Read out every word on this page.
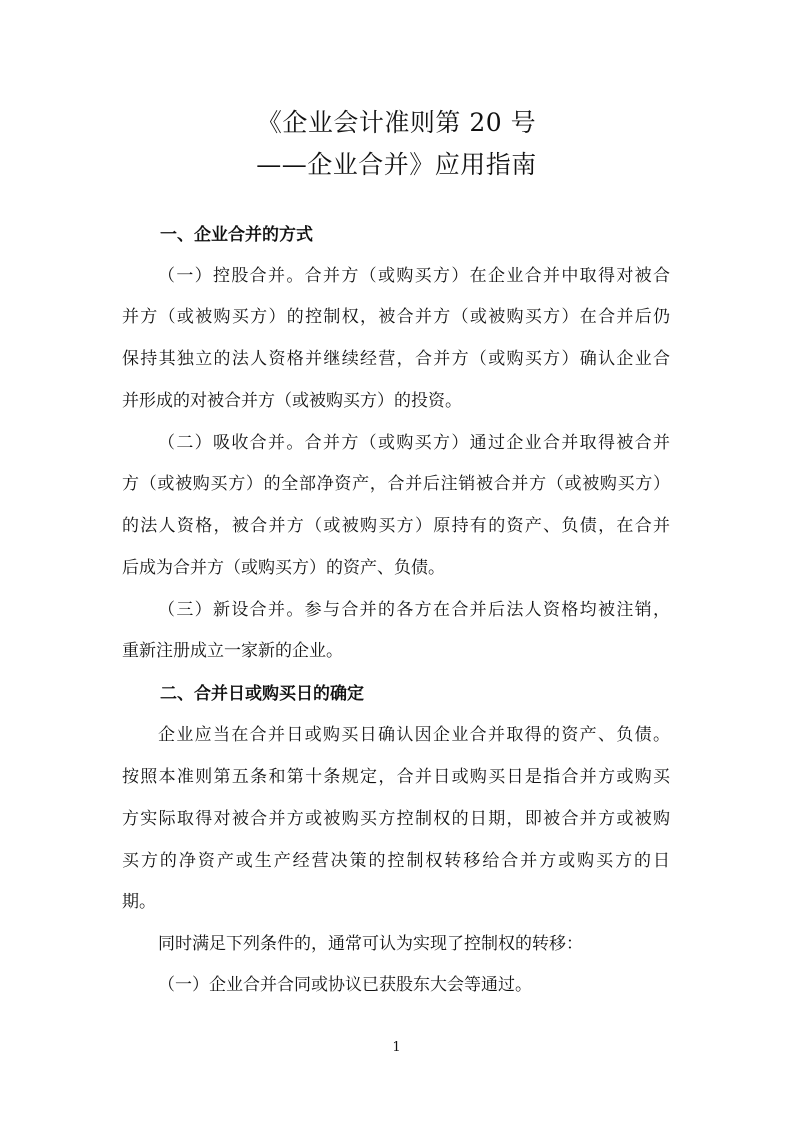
《企业会计准则第 20 号
——企业合并》应用指南
一、企业合并的方式
（一）控股合并。合并方（或购买方）在企业合并中取得对被合
并方（或被购买方）的控制权，被合并方（或被购买方）在合并后仍
保持其独立的法人资格并继续经营，合并方（或购买方）确认企业合
并形成的对被合并方（或被购买方）的投资。
（二）吸收合并。合并方（或购买方）通过企业合并取得被合并
方（或被购买方）的全部净资产，合并后注销被合并方（或被购买方）
的法人资格，被合并方（或被购买方）原持有的资产、负债，在合并
后成为合并方（或购买方）的资产、负债。
（三）新设合并。参与合并的各方在合并后法人资格均被注销，
重新注册成立一家新的企业。
二、合并日或购买日的确定
企业应当在合并日或购买日确认因企业合并取得的资产、负债。
按照本准则第五条和第十条规定，合并日或购买日是指合并方或购买
方实际取得对被合并方或被购买方控制权的日期，即被合并方或被购
买方的净资产或生产经营决策的控制权转移给合并方或购买方的日
期。
同时满足下列条件的，通常可认为实现了控制权的转移：
（一）企业合并合同或协议已获股东大会等通过。
1
